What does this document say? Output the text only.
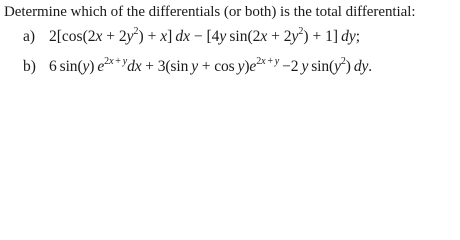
Determine which of the differentials (or both) is the total differential:
a) $2[\cos(2x + 2y^2) + x]$ dx − [4y $\sin(2x + 2y^2) + 1$] dy;
b) 6 sin(y) $e^{2x + y}dx + 3(\sin$ $y + \cos y)e^{2x + y} -2$ y $\sin(y^2)$ dy.
